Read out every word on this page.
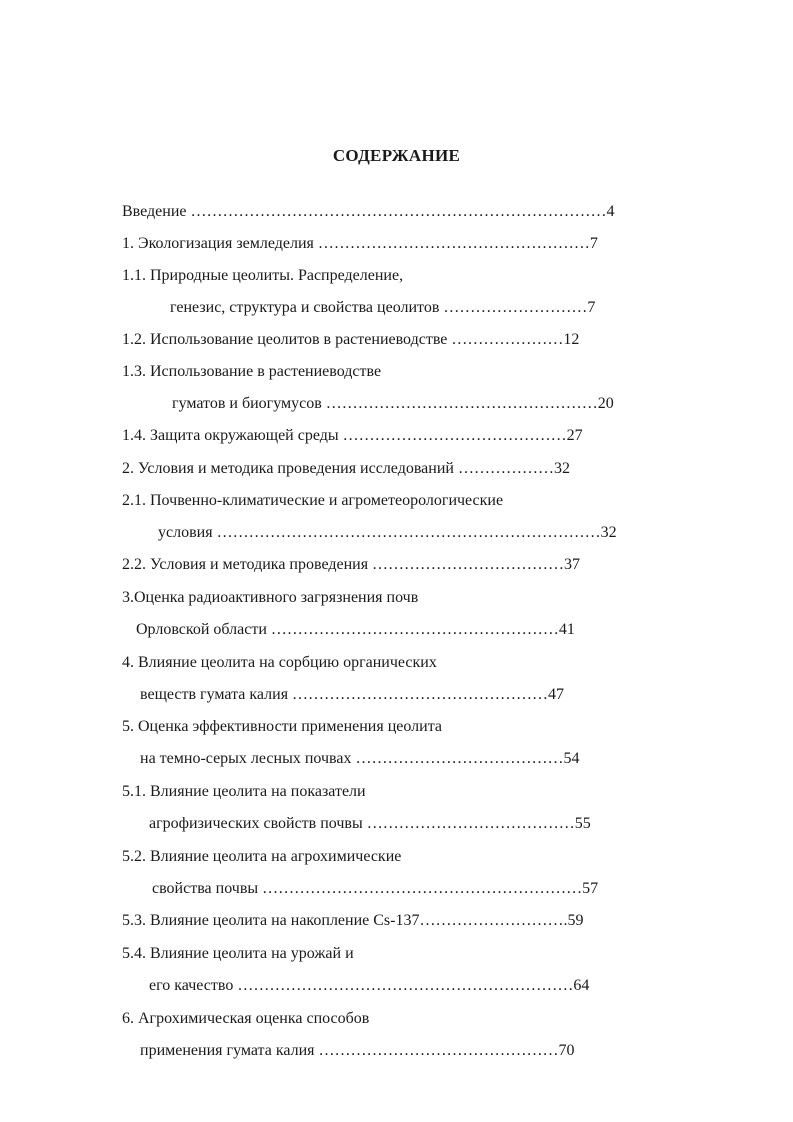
СОДЕРЖАНИЕ
Введение ……………………………………………………………………4
1. Экологизация земледелия ……………………………………………7
1.1. Природные цеолиты. Распределение,
генезис, структура и свойства цеолитов ………………………7
1.2. Использование цеолитов в растениеводстве …………………12
1.3. Использование в растениеводстве
гуматов и биогумусов ……………………………………………20
1.4. Защита окружающей среды ……………………………………27
2. Условия и методика проведения исследований ………………32
2.1. Почвенно-климатические и агрометеорологические
условия ………………………………………………………………32
2.2. Условия и методика проведения ………………………………37
3.Оценка радиоактивного загрязнения почв
Орловской области ………………………………………………41
4. Влияние цеолита на сорбцию органических
веществ гумата калия …………………………………………47
5. Оценка эффективности применения цеолита
на темно-серых лесных почвах …………………………………54
5.1. Влияние цеолита на показатели
агрофизических свойств почвы …………………………………55
5.2. Влияние цеолита на агрохимические
свойства почвы ……………………………………………………57
5.3. Влияние цеолита на накопление Cs-137……………………….59
5.4. Влияние цеолита на урожай и
его качество ………………………………………………………64
6. Агрохимическая оценка способов
применения гумата калия ………………………………………70
